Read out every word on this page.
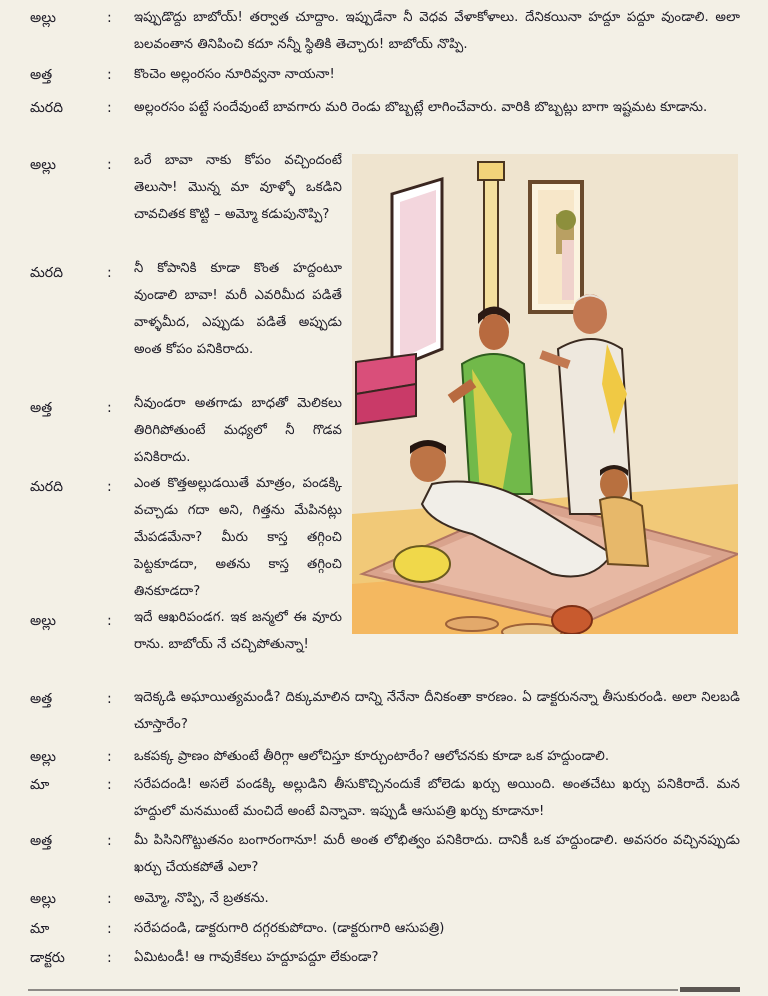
అల్లు	: ఇప్పుడొద్దు బాబోయ్! తర్వాత చూద్దాం. ఇప్పుడేనా నీ వెధవ వేళాకోళాలు. దేనికయినా హద్దూ పద్దూ వుండాలి. అలా బలవంతాన తినిపించి కదూ నన్నీ స్థితికి తెచ్చారు! బాబోయ్ నొప్పి.
అత్త	: కొంచెం అల్లంరసం నూరివ్వనా నాయనా!
మరది	: అల్లంరసం పట్టే సందేవుంటే బావగారు మరి రెండు బొబ్బట్లే లాగించేవారు. వారికి బొబ్బట్లు బాగా ఇష్టమట కూడాను.
అల్లు	: ఒరే బావా నాకు కోపం వచ్చిందంటే తెలుసా! మొన్న మా వూళ్ళో ఒకడిని చావచితక కొట్టి – అమ్మో కడుపునొప్పి?
మరది	: నీ కోపానికి కూడా కొంత హద్దంటూ వుండాలి బావా! మరీ ఎవరిమీద పడితే వాళ్ళమీద, ఎప్పుడు పడితే అప్పుడు అంత కోపం పనికిరాదు.
అత్త	: నీవుండరా అతగాడు బాధతో మెలికలు తిరిగిపోతుంటే మధ్యలో నీ గొడవ పనికిరాదు.
మరది	: ఎంత కొత్తఅల్లుడయితే మాత్రం, పండక్కి వచ్చాడు గదా అని, గిత్తను మేపినట్లు మేపడమేనా? మీరు కాస్త తగ్గించి పెట్టకూడదా, అతను కాస్త తగ్గించి తినకూడదా?
అల్లు	: ఇదే ఆఖరిపండగ. ఇక జన్మలో ఈ వూరు రాను. బాబోయ్ నే చచ్చిపోతున్నా!
అత్త	: ఇదెక్కడి అఘాయిత్యమండీ? దిక్కుమాలిన దాన్ని నేనేనా దీనికంతా కారణం. ఏ డాక్టరునన్నా తీసుకురండి. అలా నిలబడి చూస్తారేం?
అల్లు	: ఒకపక్క ప్రాణం పోతుంటే తీరిగ్గా ఆలోచిస్తూ కూర్చుంటారేం? ఆలోచనకు కూడా ఒక హద్దుండాలి.
మా	: సరేపదండి! అసలే పండక్కి అల్లుడిని తీసుకొచ్చినందుకే బోలెడు ఖర్చు అయింది. అంతచేటు ఖర్చు పనికిరాదే. మన హద్దులో మనముంటే మంచిదే అంటే విన్నావా. ఇప్పుడీ ఆసుపత్రి ఖర్చు కూడానూ!
అత్త	: మీ పిసినిగొట్టుతనం బంగారంగానూ! మరీ అంత లోభిత్వం పనికిరాదు. దానికీ ఒక హద్దుండాలి. అవసరం వచ్చినప్పుడు ఖర్చు చేయకపోతే ఎలా?
అల్లు	: అమ్మో, నొప్పి, నే బ్రతకను.
మా	: సరేపదండి, డాక్టరుగారి దగ్గరకుపోదాం. (డాక్టరుగారి ఆసుపత్రి)
డాక్టరు	: ఏమిటండీ! ఆ గావుకేకలు హద్దూపద్దూ లేకుండా?
